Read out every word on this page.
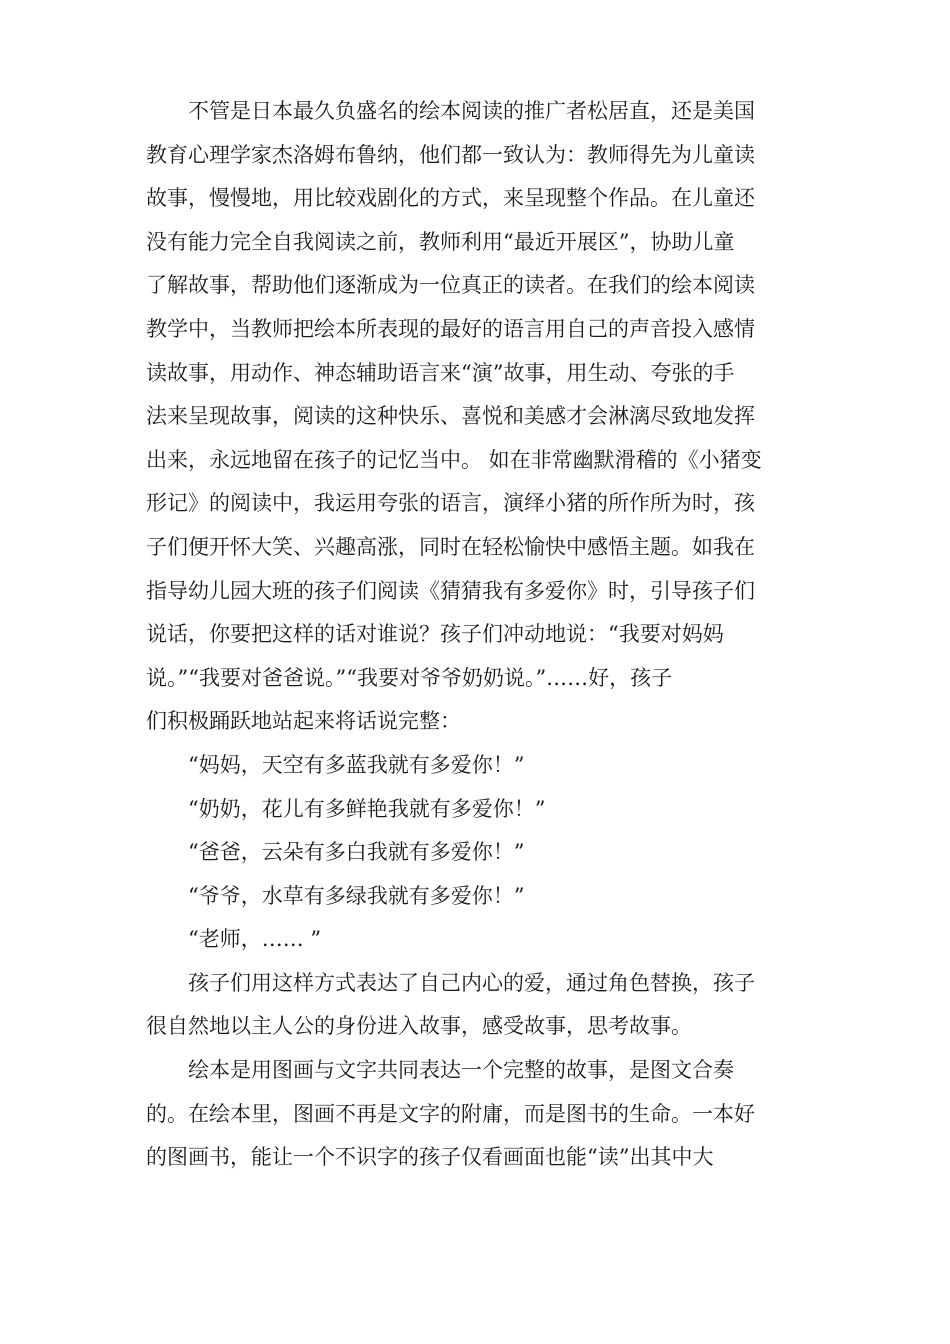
不管是日本最久负盛名的绘本阅读的推广者松居直，还是美国
教育心理学家杰洛姆布鲁纳，他们都一致认为：教师得先为儿童读
故事，慢慢地，用比较戏剧化的方式，来呈现整个作品。在儿童还
没有能力完全自我阅读之前，教师利用“最近开展区”，协助儿童
了解故事，帮助他们逐渐成为一位真正的读者。在我们的绘本阅读
教学中，当教师把绘本所表现的最好的语言用自己的声音投入感情
读故事，用动作、神态辅助语言来“演”故事，用生动、夸张的手
法来呈现故事，阅读的这种快乐、喜悦和美感才会淋漓尽致地发挥
出来，永远地留在孩子的记忆当中。 如在非常幽默滑稽的《小猪变
形记》的阅读中，我运用夸张的语言，演绎小猪的所作所为时，孩
子们便开怀大笑、兴趣高涨，同时在轻松愉快中感悟主题。如我在
指导幼儿园大班的孩子们阅读《猜猜我有多爱你》时，引导孩子们
说话，你要把这样的话对谁说？孩子们冲动地说：“我要对妈妈
说。”“我要对爸爸说。”“我要对爷爷奶奶说。”……好，孩子
们积极踊跃地站起来将话说完整：
“妈妈，天空有多蓝我就有多爱你！”
“奶奶，花儿有多鲜艳我就有多爱你！”
“爸爸，云朵有多白我就有多爱你！”
“爷爷，水草有多绿我就有多爱你！”
“老师，…… ”
孩子们用这样方式表达了自己内心的爱，通过角色替换，孩子
很自然地以主人公的身份进入故事，感受故事，思考故事。
绘本是用图画与文字共同表达一个完整的故事，是图文合奏
的。在绘本里，图画不再是文字的附庸，而是图书的生命。一本好
的图画书，能让一个不识字的孩子仅看画面也能“读”出其中大
